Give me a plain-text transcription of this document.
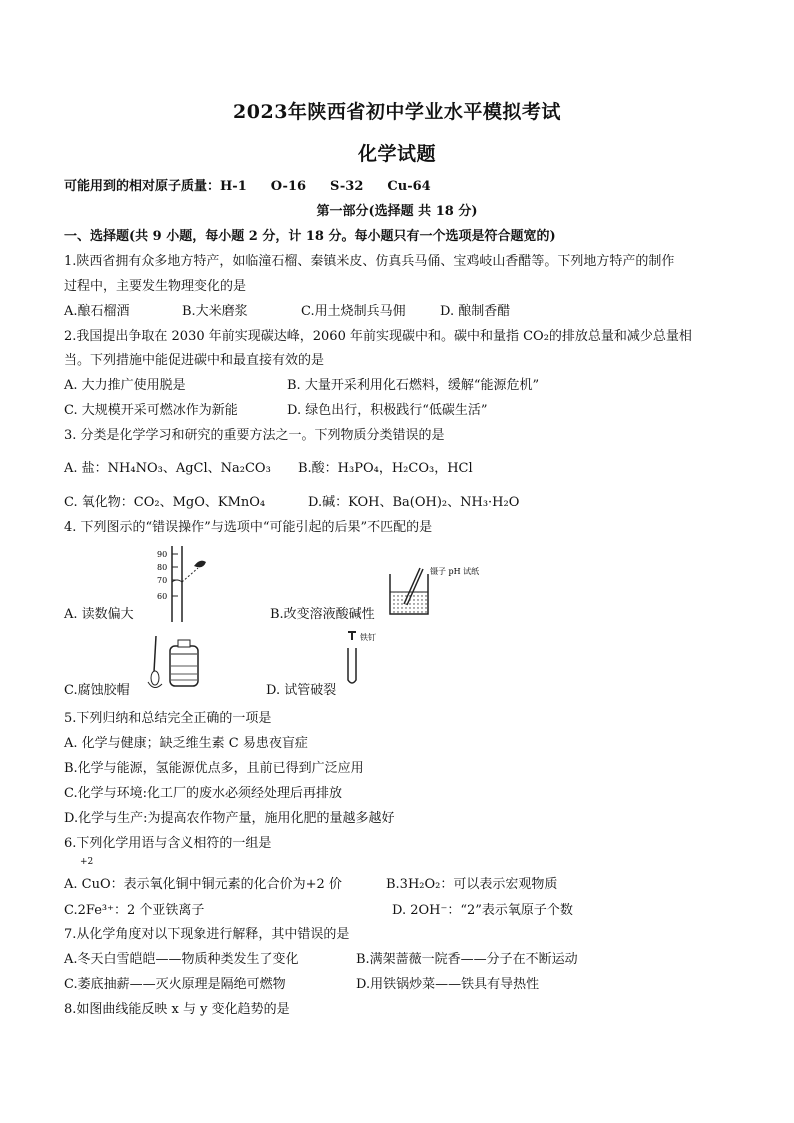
2023年陕西省初中学业水平模拟考试
化学试题
可能用到的相对原子质量：H-1 O-16 S-32 Cu-64
第一部分(选择题 共 18 分)
一、选择题(共 9 小题，每小题 2 分，计 18 分。每小题只有一个选项是符合题宽的)
1.陕西省拥有众多地方特产，如临潼石榴、秦镇米皮、仿真兵马俑、宝鸡岐山香醋等。下列地方特产的制作
过程中，主要发生物理变化的是
A.酿石榴酒	B.大米磨浆	C.用土烧制兵马佣	D. 酿制香醋
2.我国提出争取在 2030 年前实现碳达峰，2060 年前实现碳中和。碳中和量指 CO₂的排放总量和减少总量相
当。下列措施中能促进碳中和最直接有效的是
A. 大力推广使用脱是	B. 大量开采利用化石燃料，缓解“能源危机”
C. 大规模开采可燃冰作为新能	D. 绿色出行，积极践行“低碳生活”
3. 分类是化学学习和研究的重要方法之一。下列物质分类错误的是
A. 盐：NH₄NO₃、AgCl、Na₂CO₃ B.酸：H₃PO₄，H₂CO₃，HCl
C. 氧化物：CO₂、MgO、KMnO₄	D.碱：KOH、Ba(OH)₂、NH₃·H₂O
4. 下列图示的“错误操作”与选项中“可能引起的后果”不匹配的是
90
80
70
60
A. 读数偏大
镊子 pH 试纸
B.改变溶液酸碱性
C.腐蚀胶帽
铁钉
D. 试管破裂
5.下列归纳和总结完全正确的一项是
A. 化学与健康；缺乏维生素 C 易患夜盲症
B.化学与能源，氢能源优点多，且前已得到广泛应用
C.化学与环境:化工厂的废水必须经处理后再排放
D.化学与生产:为提高农作物产量，施用化肥的量越多越好
6.下列化学用语与含义相符的一组是
+2
A. CuO：表示氧化铜中铜元素的化合价为+2 价	B.3H₂O₂：可以表示宏观物质
C.2Fe³⁺：2 个亚铁离子	D. 2OH⁻：“2”表示氧原子个数
7.从化学角度对以下现象进行解释，其中错误的是
A.冬天白雪皑皑——物质种类发生了变化	B.满架蔷薇一院香——分子在不断运动
C.萎底抽薪——灭火原理是隔绝可燃物	D.用铁锅炒菜——铁具有导热性
8.如图曲线能反映 x 与 y 变化趋势的是
